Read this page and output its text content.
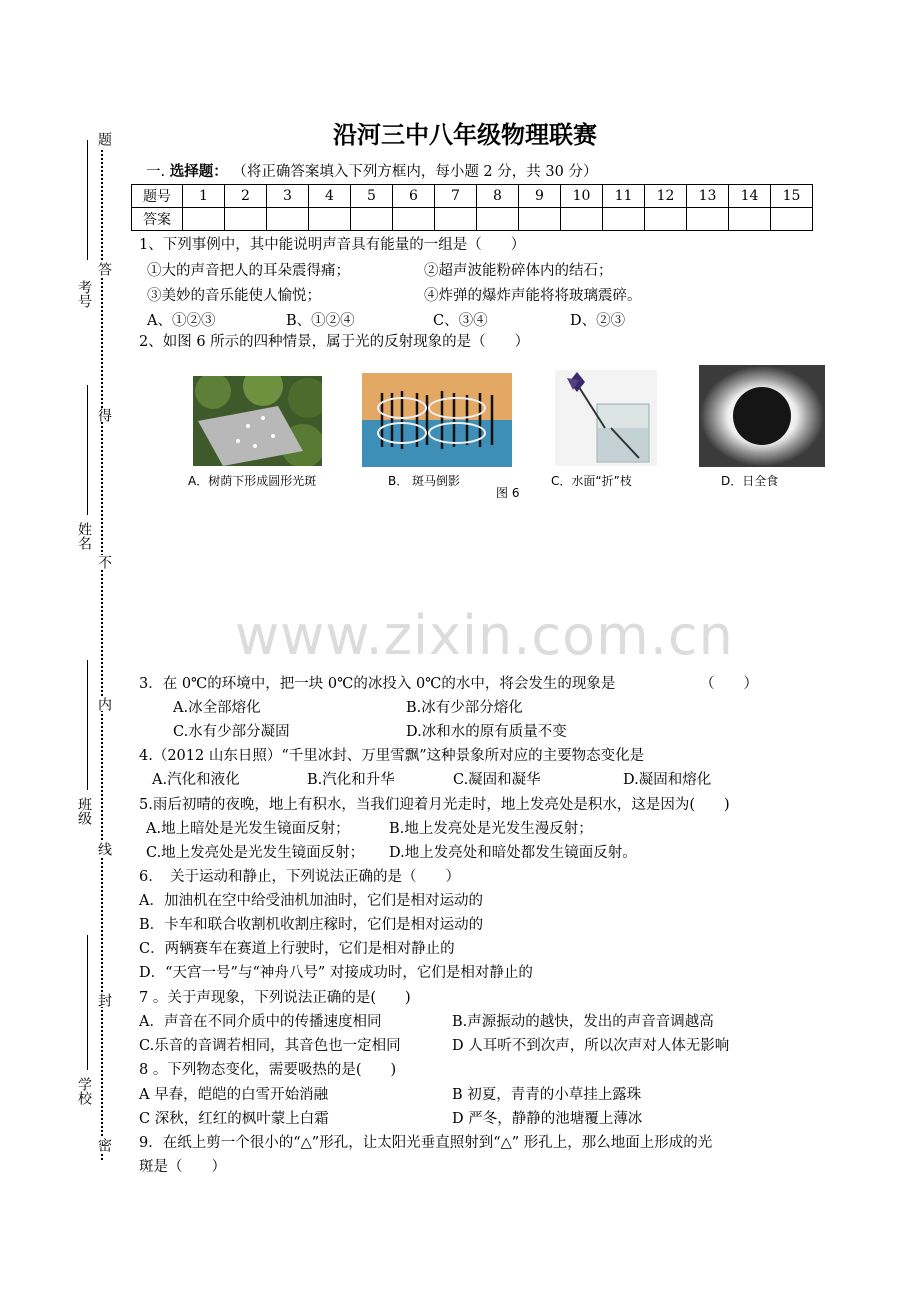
题
答
考号
得
姓名
不
内
班级
线
封
学校
密
沿河三中八年级物理联赛
一. 选择题： （将正确答案填入下列方框内，每小题 2 分，共 30 分）
题号	1	2	3	4	5	6	7	8	9	10	11	12	13	14	15
答案															
1、下列事例中，其中能说明声音具有能量的一组是（　　）
①大的声音把人的耳朵震得痛；	②超声波能粉碎体内的结石；
③美妙的音乐能使人愉悦；	④炸弹的爆炸声能将将玻璃震碎。
A、①②③	B、①②④	C、③④	D、②③
2、如图 6 所示的四种情景，属于光的反射现象的是（　　）
A．树荫下形成圆形光斑	B． 斑马倒影
图 6
C．水面“折”枝	D．日全食
www.zixin.com.cn
3．在 0℃的环境中，把一块 0℃的冰投入 0℃的水中，将会发生的现象是	（　　）
A.冰全部熔化	B.冰有少部分熔化
C.水有少部分凝固	D.冰和水的原有质量不变
4.（2012 山东日照）“千里冰封、万里雪飘”这种景象所对应的主要物态变化是
A.汽化和液化	B.汽化和升华	C.凝固和凝华	D.凝固和熔化
5.雨后初晴的夜晚，地上有积水，当我们迎着月光走时，地上发亮处是积水，这是因为(　　)
A.地上暗处是光发生镜面反射；	B.地上发亮处是光发生漫反射；
C.地上发亮处是光发生镜面反射； D.地上发亮处和暗处都发生镜面反射。
6．　关于运动和静止，下列说法正确的是（　　）
A．加油机在空中给受油机加油时，它们是相对运动的
B．卡车和联合收割机收割庄稼时，它们是相对运动的
C．两辆赛车在赛道上行驶时，它们是相对静止的
D．“天宫一号”与“神舟八号” 对接成功时，它们是相对静止的
7 。关于声现象，下列说法正确的是(　　)
A．声音在不同介质中的传播速度相同	B.声源振动的越快，发出的声音音调越高
C.乐音的音调若相同，其音色也一定相同	D 人耳听不到次声，所以次声对人体无影响
8 。下列物态变化，需要吸热的是(　　)
A 早春，皑皑的白雪开始消融	B 初夏，青青的小草挂上露珠
C 深秋，红红的枫叶蒙上白霜	D 严冬，静静的池塘覆上薄冰
9．在纸上剪一个很小的“△”形孔，让太阳光垂直照射到“△” 形孔上，那么地面上形成的光
斑是（　　）
